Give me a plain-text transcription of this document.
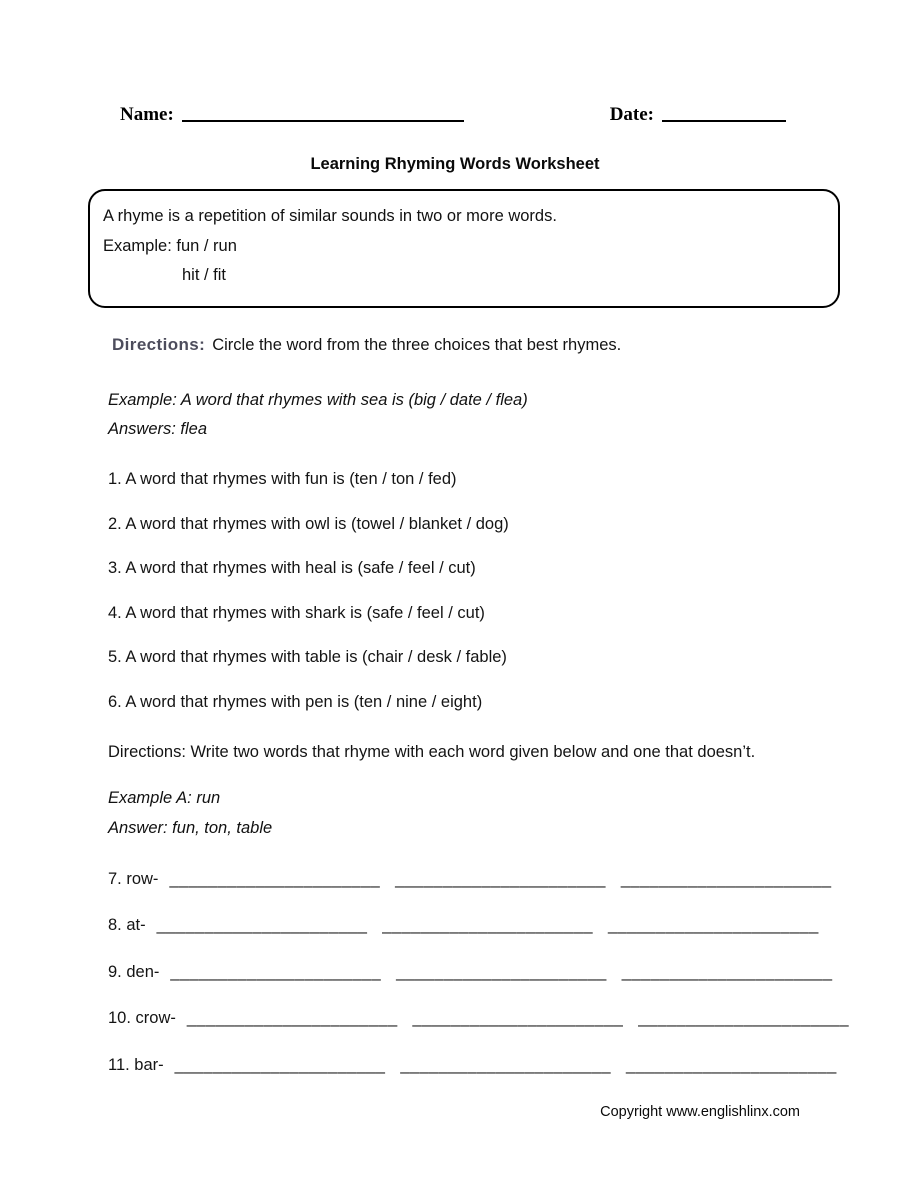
Name:	Date:
Learning Rhyming Words Worksheet
A rhyme is a repetition of similar sounds in two or more words.
Example: fun / run
hit / fit
Directions: Circle the word from the three choices that best rhymes.
Example: A word that rhymes with sea is (big / date / flea)
Answers: flea
1. A word that rhymes with fun is (ten / ton / fed)
2. A word that rhymes with owl is (towel / blanket / dog)
3. A word that rhymes with heal is (safe / feel / cut)
4. A word that rhymes with shark is (safe / feel / cut)
5. A word that rhymes with table is (chair / desk / fable)
6. A word that rhymes with pen is (ten / nine / eight)
Directions: Write two words that rhyme with each word given below and one that doesn’t.
Example A: run
Answer: fun, ton, table
7. row- ______________________ ______________________ ______________________
8. at- ______________________ ______________________ ______________________
9. den- ______________________ ______________________ ______________________
10. crow- ______________________ ______________________ ______________________
11. bar- ______________________ ______________________ ______________________
Copyright www.englishlinx.com
